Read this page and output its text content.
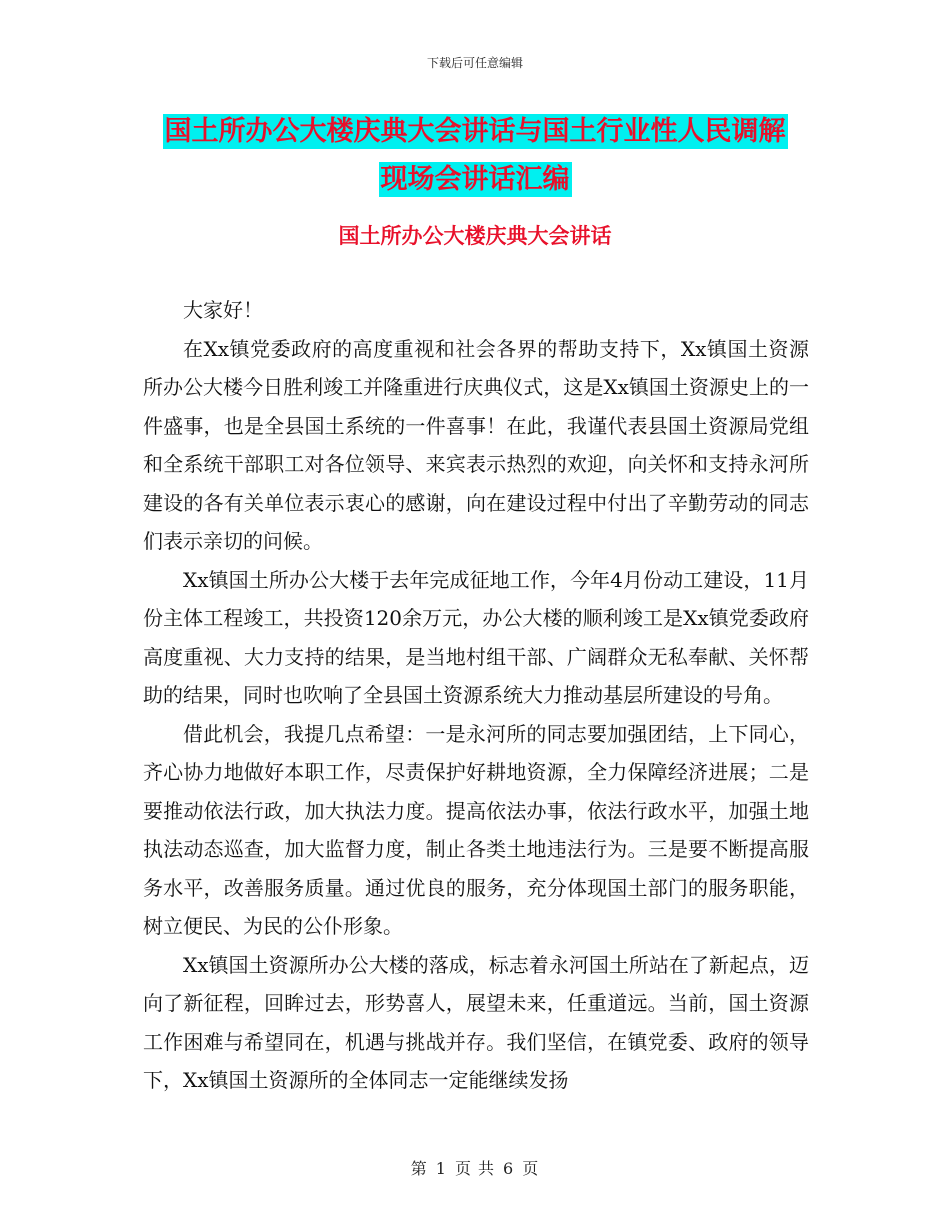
下载后可任意编辑
国土所办公大楼庆典大会讲话与国土行业性人民调解
现场会讲话汇编
国土所办公大楼庆典大会讲话

大家好！

在Xx镇党委政府的高度重视和社会各界的帮助支持下，Xx镇国土资源所办公大楼今日胜利竣工并隆重进行庆典仪式，这是Xx镇国土资源史上的一件盛事，也是全县国土系统的一件喜事！在此，我谨代表县国土资源局党组和全系统干部职工对各位领导、来宾表示热烈的欢迎，向关怀和支持永河所建设的各有关单位表示衷心的感谢，向在建设过程中付出了辛勤劳动的同志们表示亲切的问候。

Xx镇国土所办公大楼于去年完成征地工作，今年4月份动工建设，11月份主体工程竣工，共投资120余万元，办公大楼的顺利竣工是Xx镇党委政府高度重视、大力支持的结果，是当地村组干部、广阔群众无私奉献、关怀帮助的结果，同时也吹响了全县国土资源系统大力推动基层所建设的号角。

借此机会，我提几点希望：一是永河所的同志要加强团结，上下同心，齐心协力地做好本职工作，尽责保护好耕地资源，全力保障经济进展；二是要推动依法行政，加大执法力度。提高依法办事，依法行政水平，加强土地执法动态巡查，加大监督力度，制止各类土地违法行为。三是要不断提高服务水平，改善服务质量。通过优良的服务，充分体现国土部门的服务职能，树立便民、为民的公仆形象。

Xx镇国土资源所办公大楼的落成，标志着永河国土所站在了新起点，迈向了新征程，回眸过去，形势喜人，展望未来，任重道远。当前，国土资源工作困难与希望同在，机遇与挑战并存。我们坚信，在镇党委、政府的领导下，Xx镇国土资源所的全体同志一定能继续发扬

第 1 页 共 6 页
